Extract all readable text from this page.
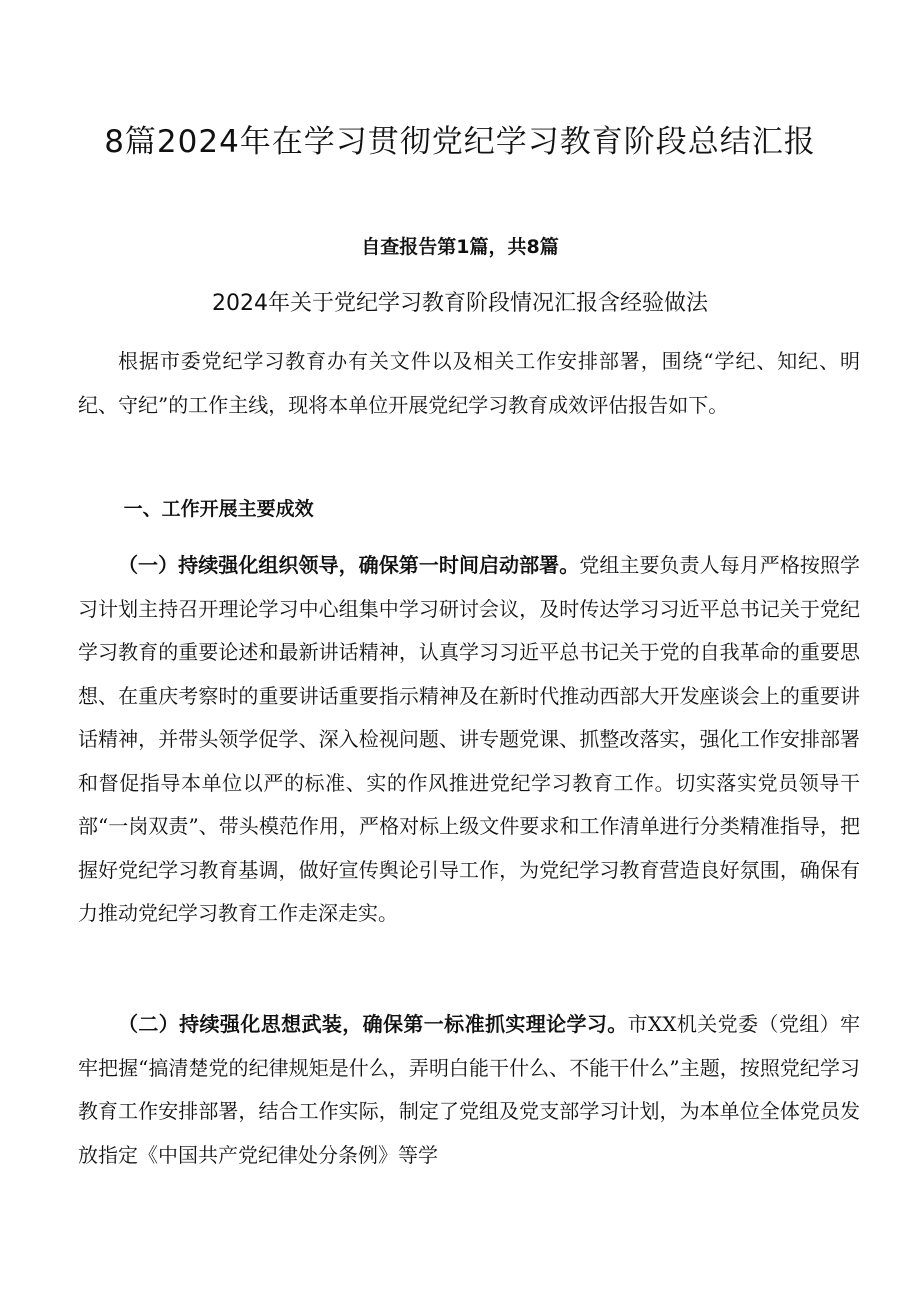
8篇2024年在学习贯彻党纪学习教育阶段总结汇报
自查报告第1篇，共8篇
2024年关于党纪学习教育阶段情况汇报含经验做法

根据市委党纪学习教育办有关文件以及相关工作安排部署，围绕“学纪、知纪、明纪、守纪”的工作主线，现将本单位开展党纪学习教育成效评估报告如下。

一、工作开展主要成效

（一）持续强化组织领导，确保第一时间启动部署。党组主要负责人每月严格按照学习计划主持召开理论学习中心组集中学习研讨会议，及时传达学习习近平总书记关于党纪学习教育的重要论述和最新讲话精神，认真学习习近平总书记关于党的自我革命的重要思想、在重庆考察时的重要讲话重要指示精神及在新时代推动西部大开发座谈会上的重要讲话精神，并带头领学促学、深入检视问题、讲专题党课、抓整改落实，强化工作安排部署和督促指导本单位以严的标准、实的作风推进党纪学习教育工作。切实落实党员领导干部“一岗双责”、带头模范作用，严格对标上级文件要求和工作清单进行分类精准指导，把握好党纪学习教育基调，做好宣传舆论引导工作，为党纪学习教育营造良好氛围，确保有力推动党纪学习教育工作走深走实。

（二）持续强化思想武装，确保第一标准抓实理论学习。市XX机关党委（党组）牢牢把握“搞清楚党的纪律规矩是什么，弄明白能干什么、不能干什么”主题，按照党纪学习教育工作安排部署，结合工作实际，制定了党组及党支部学习计划，为本单位全体党员发放指定《中国共产党纪律处分条例》等学
